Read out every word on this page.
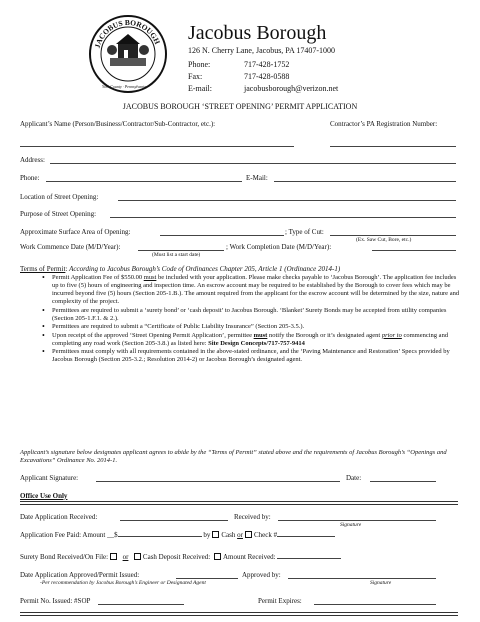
JACOBUS BOROUGH
York County · Pennsylvania
Jacobus Borough
126 N. Cherry Lane, Jacobus, PA 17407-1000
Phone:	717-428-1752
Fax:	717-428-0588
E-mail:	jacobusborough@verizon.net
JACOBUS BOROUGH ‘STREET OPENING’ PERMIT APPLICATION
Applicant’s Name (Person/Business/Contractor/Sub-Contractor, etc.):	Contractor’s PA Registration Number:
Address:
Phone:	E-Mail:
Location of Street Opening:
Purpose of Street Opening:
Approximate Surface Area of Opening:	; Type of Cut:
(Ex. Saw Cut, Bore, etc.)
Work Commence Date (M/D/Year):	; Work Completion Date (M/D/Year):
(Must list a start date)
Terms of Permit: According to Jacobus Borough’s Code of Ordinances Chapter 205, Article 1 (Ordinance 2014-1)
• Permit Application Fee of $550.00 must be included with your application. Please make checks payable to ‘Jacobus Borough’. The application fee includes up to five (5) hours of engineering and inspection time. An escrow account may be required to be established by the Borough to cover fees which may be incurred beyond five (5) hours (Section 205-1.B.). The amount required from the applicant for the escrow account will be determined by the size, nature and complexity of the project.
• Permittees are required to submit a ‘surety bond’ or ‘cash deposit’ to Jacobus Borough. ‘Blanket’ Surety Bonds may be accepted from utility companies (Section 205-1.F.1. & 2.).
• Permittees are required to submit a “Certificate of Public Liability Insurance” (Section 205-3.5.).
• Upon receipt of the approved ‘Street Opening Permit Application’, permittee must notify the Borough or it’s designated agent prior to commencing and completing any road work (Section 205-3.8.) as listed here: Site Design Concepts/717-757-9414
• Permittees must comply with all requirements contained in the above-stated ordinance, and the ‘Paving Maintenance and Restoration’ Specs provided by Jacobus Borough (Section 205-3.2.; Resolution 2014-2) or Jacobus Borough’s designated agent.
Applicant’s signature below designates applicant agrees to abide by the “Terms of Permit” stated above and the requirements of Jacobus Borough’s “Openings and Excavations” Ordinance No. 2014-1.
Applicant Signature:	Date:
Office Use Only
Date Application Received:	Received by:
Signature
Application Fee Paid: Amount __$	by Cash or Check #
Surety Bond Received/On File: or Cash Deposit Received: Amount Received:
Date Application Approved/Permit Issued:	Approved by:
-Per recommendation by Jacobus Borough’s Engineer or Designated Agent	Signature
Permit No. Issued: #SOP	Permit Expires:
